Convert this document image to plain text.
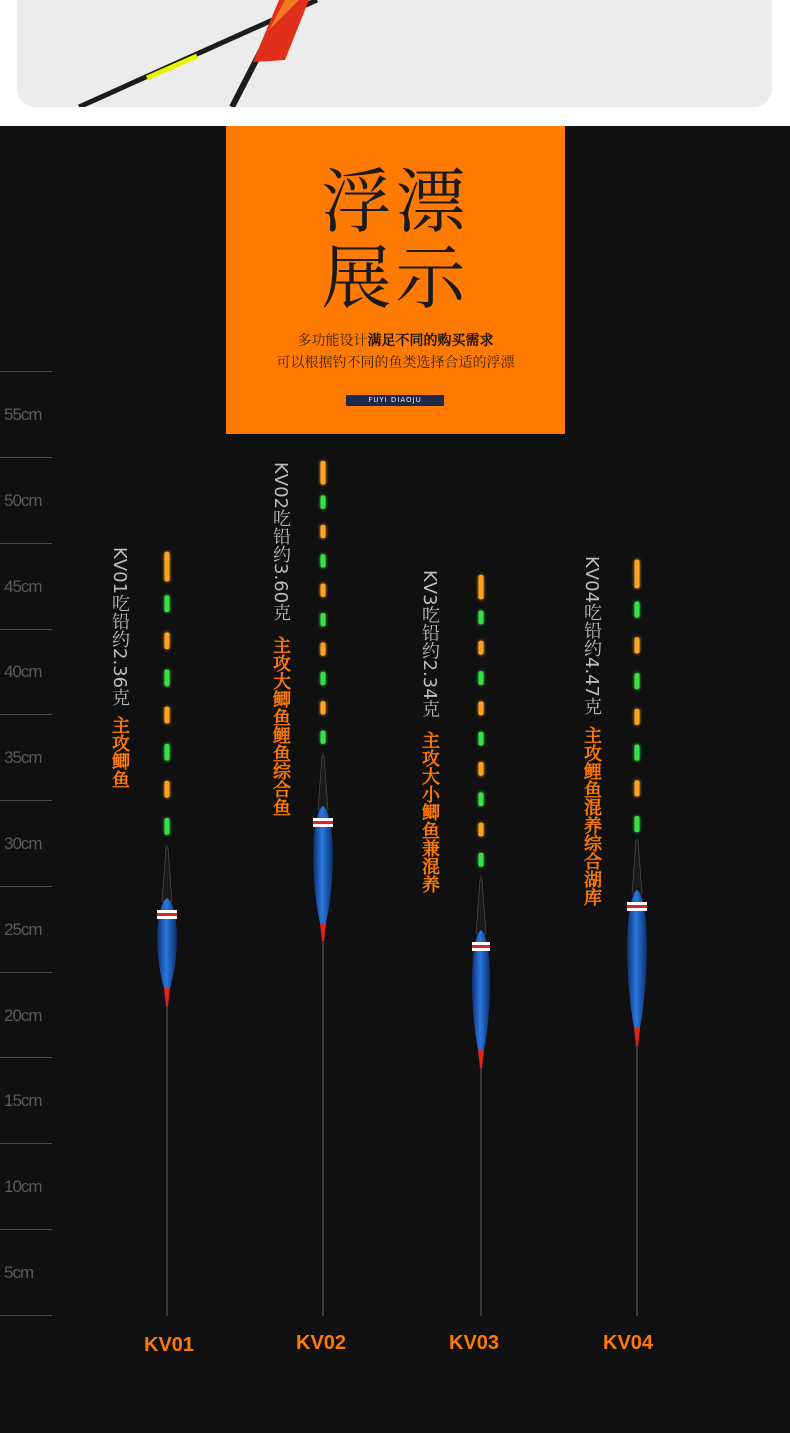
浮漂
展示
多功能设计满足不同的购买需求
可以根据钓不同的鱼类选择合适的浮漂
FUYI DIAOJU
55cm
50cm
45cm
40cm
35cm
30cm
25cm
20cm
15cm
10cm
5cm
KV01吃铅约2.36克
主攻鲫鱼
KV02吃铅约3.60克
主攻大鲫鱼鲤鱼综合鱼	KV3吃铅约2.34克
主攻大小鲫鱼兼混养
KV04吃铅约4.47克
主攻鲤鱼混养综合湖库
KV01	KV02	KV03	KV04
